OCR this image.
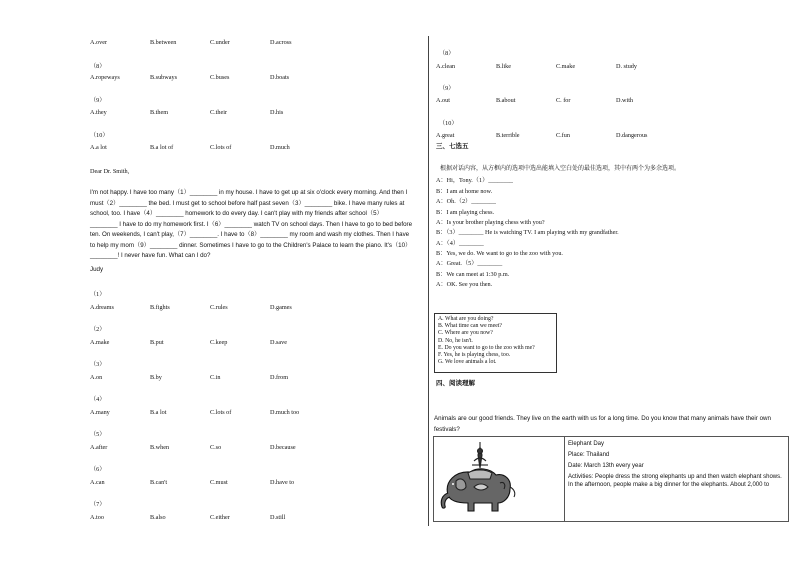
A.over	B.between	C.under	D.across
（8）
A.ropeways	B.subways	C.buses	D.boats
（9）
A.they	B.them	C.their	D.his
（10）
A.a lot	B.a lot of	C.lots of	D.much
Dear Dr. Smith,

I'm not happy. I have too many（1）________ in my house. I have to get up at six o'clock every morning. And then I

must（2）________ the bed. I must get to school before half past seven（3）________ bike. I have many rules at

school, too. I have（4）________ homework to do every day. I can't play with my friends after school（5）

________ I have to do my homework first. I（6）________ watch TV on school days. Then I have to go to bed before

ten. On weekends, I can't play,（7）________. I have to（8）________ my room and wash my clothes. Then I have

to help my mom（9）________ dinner. Sometimes I have to go to the Children's Palace to learn the piano. It's（10）

________! I never have fun. What can I do?

Judy
（1）
A.dreams	B.fights	C.rules	D.games
（2）
A.make	B.put	C.keep	D.save
（3）
A.on	B.by	C.in	D.from
（4）
A.many	B.a lot	C.lots of	D.much too
（5）
A.after	B.when	C.so	D.because
（6）
A.can	B.can't	C.must	D.have to
（7）
A.too	B.also	C.either	D.still
（8）
A.clean	B.like	C.make	D. study
（9）
A.out	B.about	C. for	D.with
（10）
A.great	B.terrible	C.fun	D.dangerous
三、七选五
根据对话内容，从方框内的选项中选出能填入空白处的最佳选项，其中有两个为多余选项。
A：Hi，Tony.（1）________
B：I am at home now.
A：Oh.（2）________
B：I am playing chess.
A：Is your brother playing chess with you?
B：（3）________ He is watching TV. I am playing with my grandfather.
A：（4）________
B：Yes, we do. We want to go to the zoo with you.
A：Great.（5）________
B：We can meet at 1:30 p.m.
A：OK. See you then.
A. What are you doing?
B. What time can we meet?
C. Where are you now?
D. No, he isn't.
E. Do you want to go to the zoo with me?
F. Yes, he is playing chess, too.
G. We love animals a lot.
四、阅读理解
Animals are our good friends. They live on the earth with us for a long time. Do you know that many animals have their own festivals?

Elephant Day

Place: Thailand

Date: March 13th every year

Activities: People dress the strong elephants up and then watch elephant shows. In the afternoon, people make a big dinner for the elephants. About 2,000 to
